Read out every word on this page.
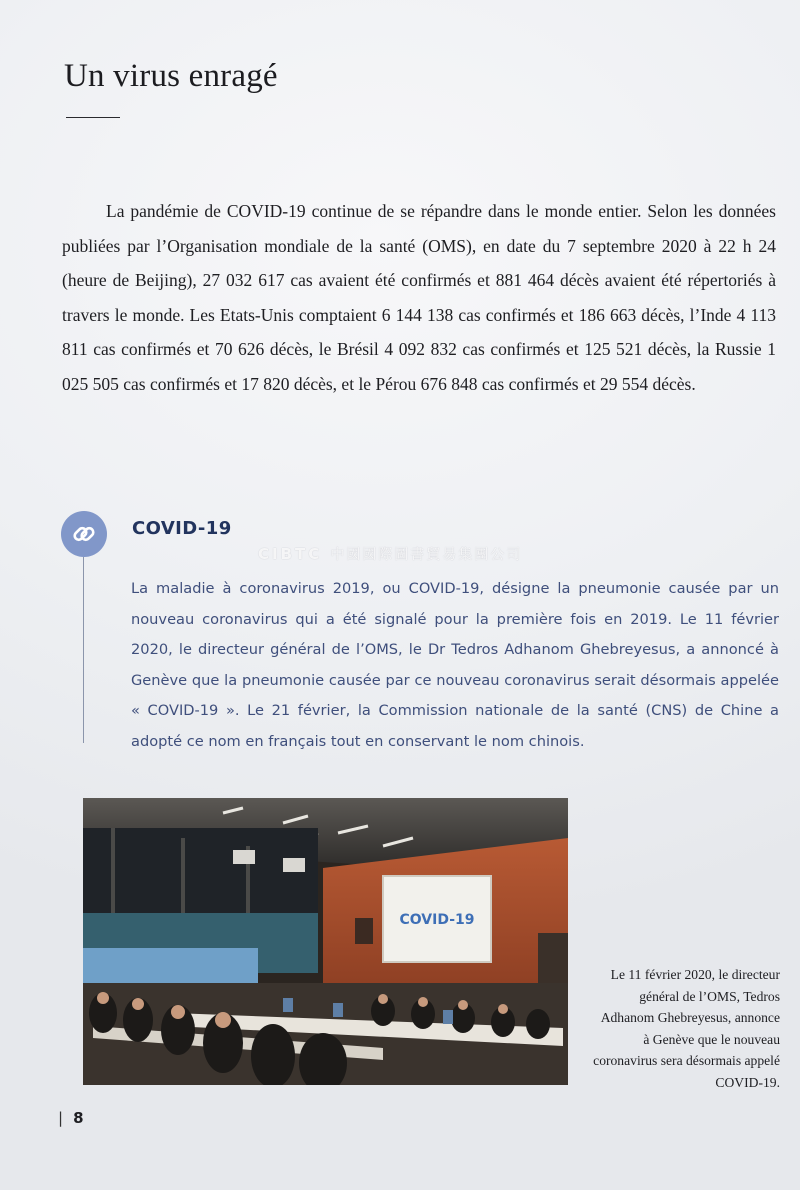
Un virus enragé

La pandémie de COVID-19 continue de se répandre dans le monde entier. Selon les données publiées par l’Organisation mondiale de la santé (OMS), en date du 7 septembre 2020 à 22 h 24 (heure de Beijing), 27 032 617 cas avaient été confirmés et 881 464 décès avaient été répertoriés à travers le monde. Les Etats-Unis comptaient 6 144 138 cas confirmés et 186 663 décès, l’Inde 4 113 811 cas confirmés et 70 626 décès, le Brésil 4 092 832 cas confirmés et 125 521 décès, la Russie 1 025 505 cas confirmés et 17 820 décès, et le Pérou 676 848 cas confirmés et 29 554 décès.

COVID-19
CIBTC 中國國際圖書貿易集團公司

La maladie à coronavirus 2019, ou COVID-19, désigne la pneumonie causée par un nouveau coronavirus qui a été signalé pour la première fois en 2019. Le 11 février 2020, le directeur général de l’OMS, le Dr Tedros Adhanom Ghebreyesus, a annoncé à Genève que la pneumonie causée par ce nouveau coronavirus serait désormais appelée « COVID-19 ». Le 21 février, la Commission nationale de la santé (CNS) de Chine a adopté ce nom en français tout en conservant le nom chinois.

COVID-19

Le 11 février 2020, le directeur général de l’OMS, Tedros Adhanom Ghebreyesus, annonce à Genève que le nouveau coronavirus sera désormais appelé COVID-19.

| 8
